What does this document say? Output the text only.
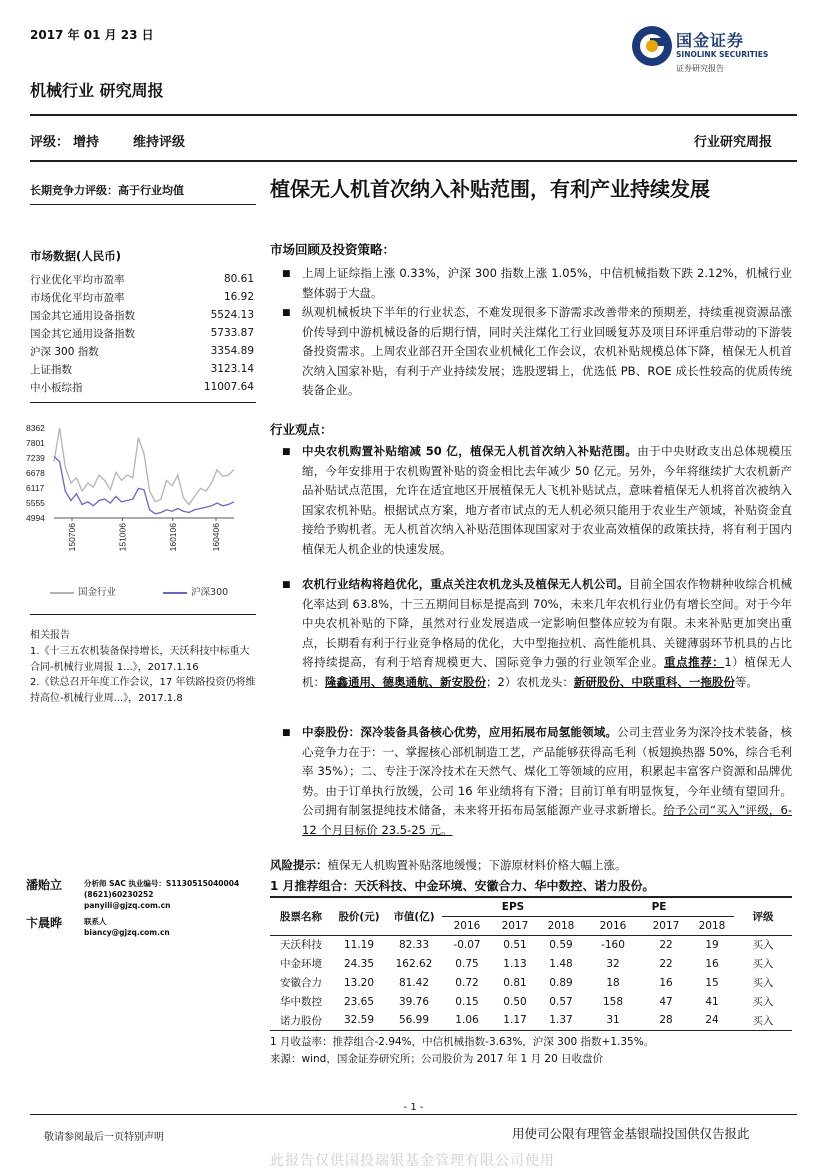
2017 年 01 月 23 日
机械行业 研究周报
国金证券
SINOLINK SECURITIES
证券研究报告
评级： 增持	维持评级	行业研究周报
长期竞争力评级：高于行业均值
市场数据(人民币)
行业优化平均市盈率	80.61
市场优化平均市盈率	16.92
国金其它通用设备指数	5524.13
国金其它通用设备指数	5733.87
沪深 300 指数	3354.89
上证指数	3123.14
中小板综指	11007.64
8362
7801
7239
6678
6117
5555
4994
150706	151006	160106	160406
国金行业	沪深300
相关报告
1.《十三五农机装备保持增长，天沃科技中标重大合同-机械行业周报 1...》，2017.1.16
2.《铁总召开年度工作会议，17 年铁路投资仍将维持高位-机械行业周...》，2017.1.8
潘贻立	分析师 SAC 执业编号：S1130515040004
(8621)60230252
panyili@gjzq.com.cn
卞晨晔	联系人
biancy@gjzq.com.cn
植保无人机首次纳入补贴范围，有利产业持续发展
市场回顾及投资策略：
■ 上周上证综指上涨 0.33%，沪深 300 指数上涨 1.05%，中信机械指数下跌 2.12%，机械行业整体弱于大盘。
■ 纵观机械板块下半年的行业状态，不难发现很多下游需求改善带来的预期差，持续重视资源品涨价传导到中游机械设备的后期行情，同时关注煤化工行业回暖复苏及项目环评重启带动的下游装备投资需求。上周农业部召开全国农业机械化工作会议，农机补贴规模总体下降，植保无人机首次纳入国家补贴，有利于产业持续发展；选股逻辑上，优选低 PB、ROE 成长性较高的优质传统装备企业。
行业观点：
■ 中央农机购置补贴缩减 50 亿，植保无人机首次纳入补贴范围。由于中央财政支出总体规模压缩，今年安排用于农机购置补贴的资金相比去年减少 50 亿元。另外，今年将继续扩大农机新产品补贴试点范围，允许在适宜地区开展植保无人飞机补贴试点，意味着植保无人机将首次被纳入国家农机补贴。根据试点方案，地方者市试点的无人机必须只能用于农业生产领域，补贴资金直接给予购机者。无人机首次纳入补贴范围体现国家对于农业高效植保的政策扶持，将有利于国内植保无人机企业的快速发展。
■ 农机行业结构将趋优化，重点关注农机龙头及植保无人机公司。目前全国农作物耕种收综合机械化率达到 63.8%，十三五期间目标是提高到 70%，未来几年农机行业仍有增长空间。对于今年中央农机补贴的下降，虽然对行业发展造成一定影响但整体应较为有限。未来补贴更加突出重点，长期看有利于行业竞争格局的优化，大中型拖拉机、高性能机具、关键薄弱环节机具的占比将持续提高，有利于培育规模更大、国际竞争力强的行业领军企业。重点推荐：1）植保无人机：隆鑫通用、德奥通航、新安股份；2）农机龙头：新研股份、中联重科、一拖股份等。
■ 中泰股份：深冷装备具备核心优势，应用拓展布局氢能领域。公司主营业务为深冷技术装备，核心竞争力在于：一、掌握核心部机制造工艺，产品能够获得高毛利（板翅换热器 50%，综合毛利率 35%）；二、专注于深冷技术在天然气、煤化工等领域的应用，积累起丰富客户资源和品牌优势。由于订单执行放缓，公司 16 年业绩将有下滑；目前订单有明显恢复，今年业绩有望回升。公司拥有制氢提纯技术储备，未来将开拓布局氢能源产业寻求新增长。给予公司“买入”评级，6-12 个月目标价 23.5-25 元。
风险提示：植保无人机购置补贴落地缓慢；下游原材料价格大幅上涨。
1 月推荐组合：天沃科技、中金环境、安徽合力、华中数控、诺力股份。
股票名称	股价(元)	市值(亿)	EPS			PE			评级
			2016	2017	2018	2016	2017	2018	
天沃科技	11.19	82.33	-0.07	0.51	0.59	-160	22	19	买入
中金环境	24.35	162.62	0.75	1.13	1.48	32	22	16	买入
安徽合力	13.20	81.42	0.72	0.81	0.89	18	16	15	买入
华中数控	23.65	39.76	0.15	0.50	0.57	158	47	41	买入
诺力股份	32.59	56.99	1.06	1.17	1.37	31	28	24	买入
1 月收益率：推荐组合-2.94%，中信机械指数-3.63%，沪深 300 指数+1.35%。
来源：wind，国金证券研究所；公司股价为 2017 年 1 月 20 日收盘价
- 1 -
敬请参阅最后一页特别声明	用使司公限有理管金基银瑞投国供仅告报此
此报告仅供国投瑞银基金管理有限公司使用
